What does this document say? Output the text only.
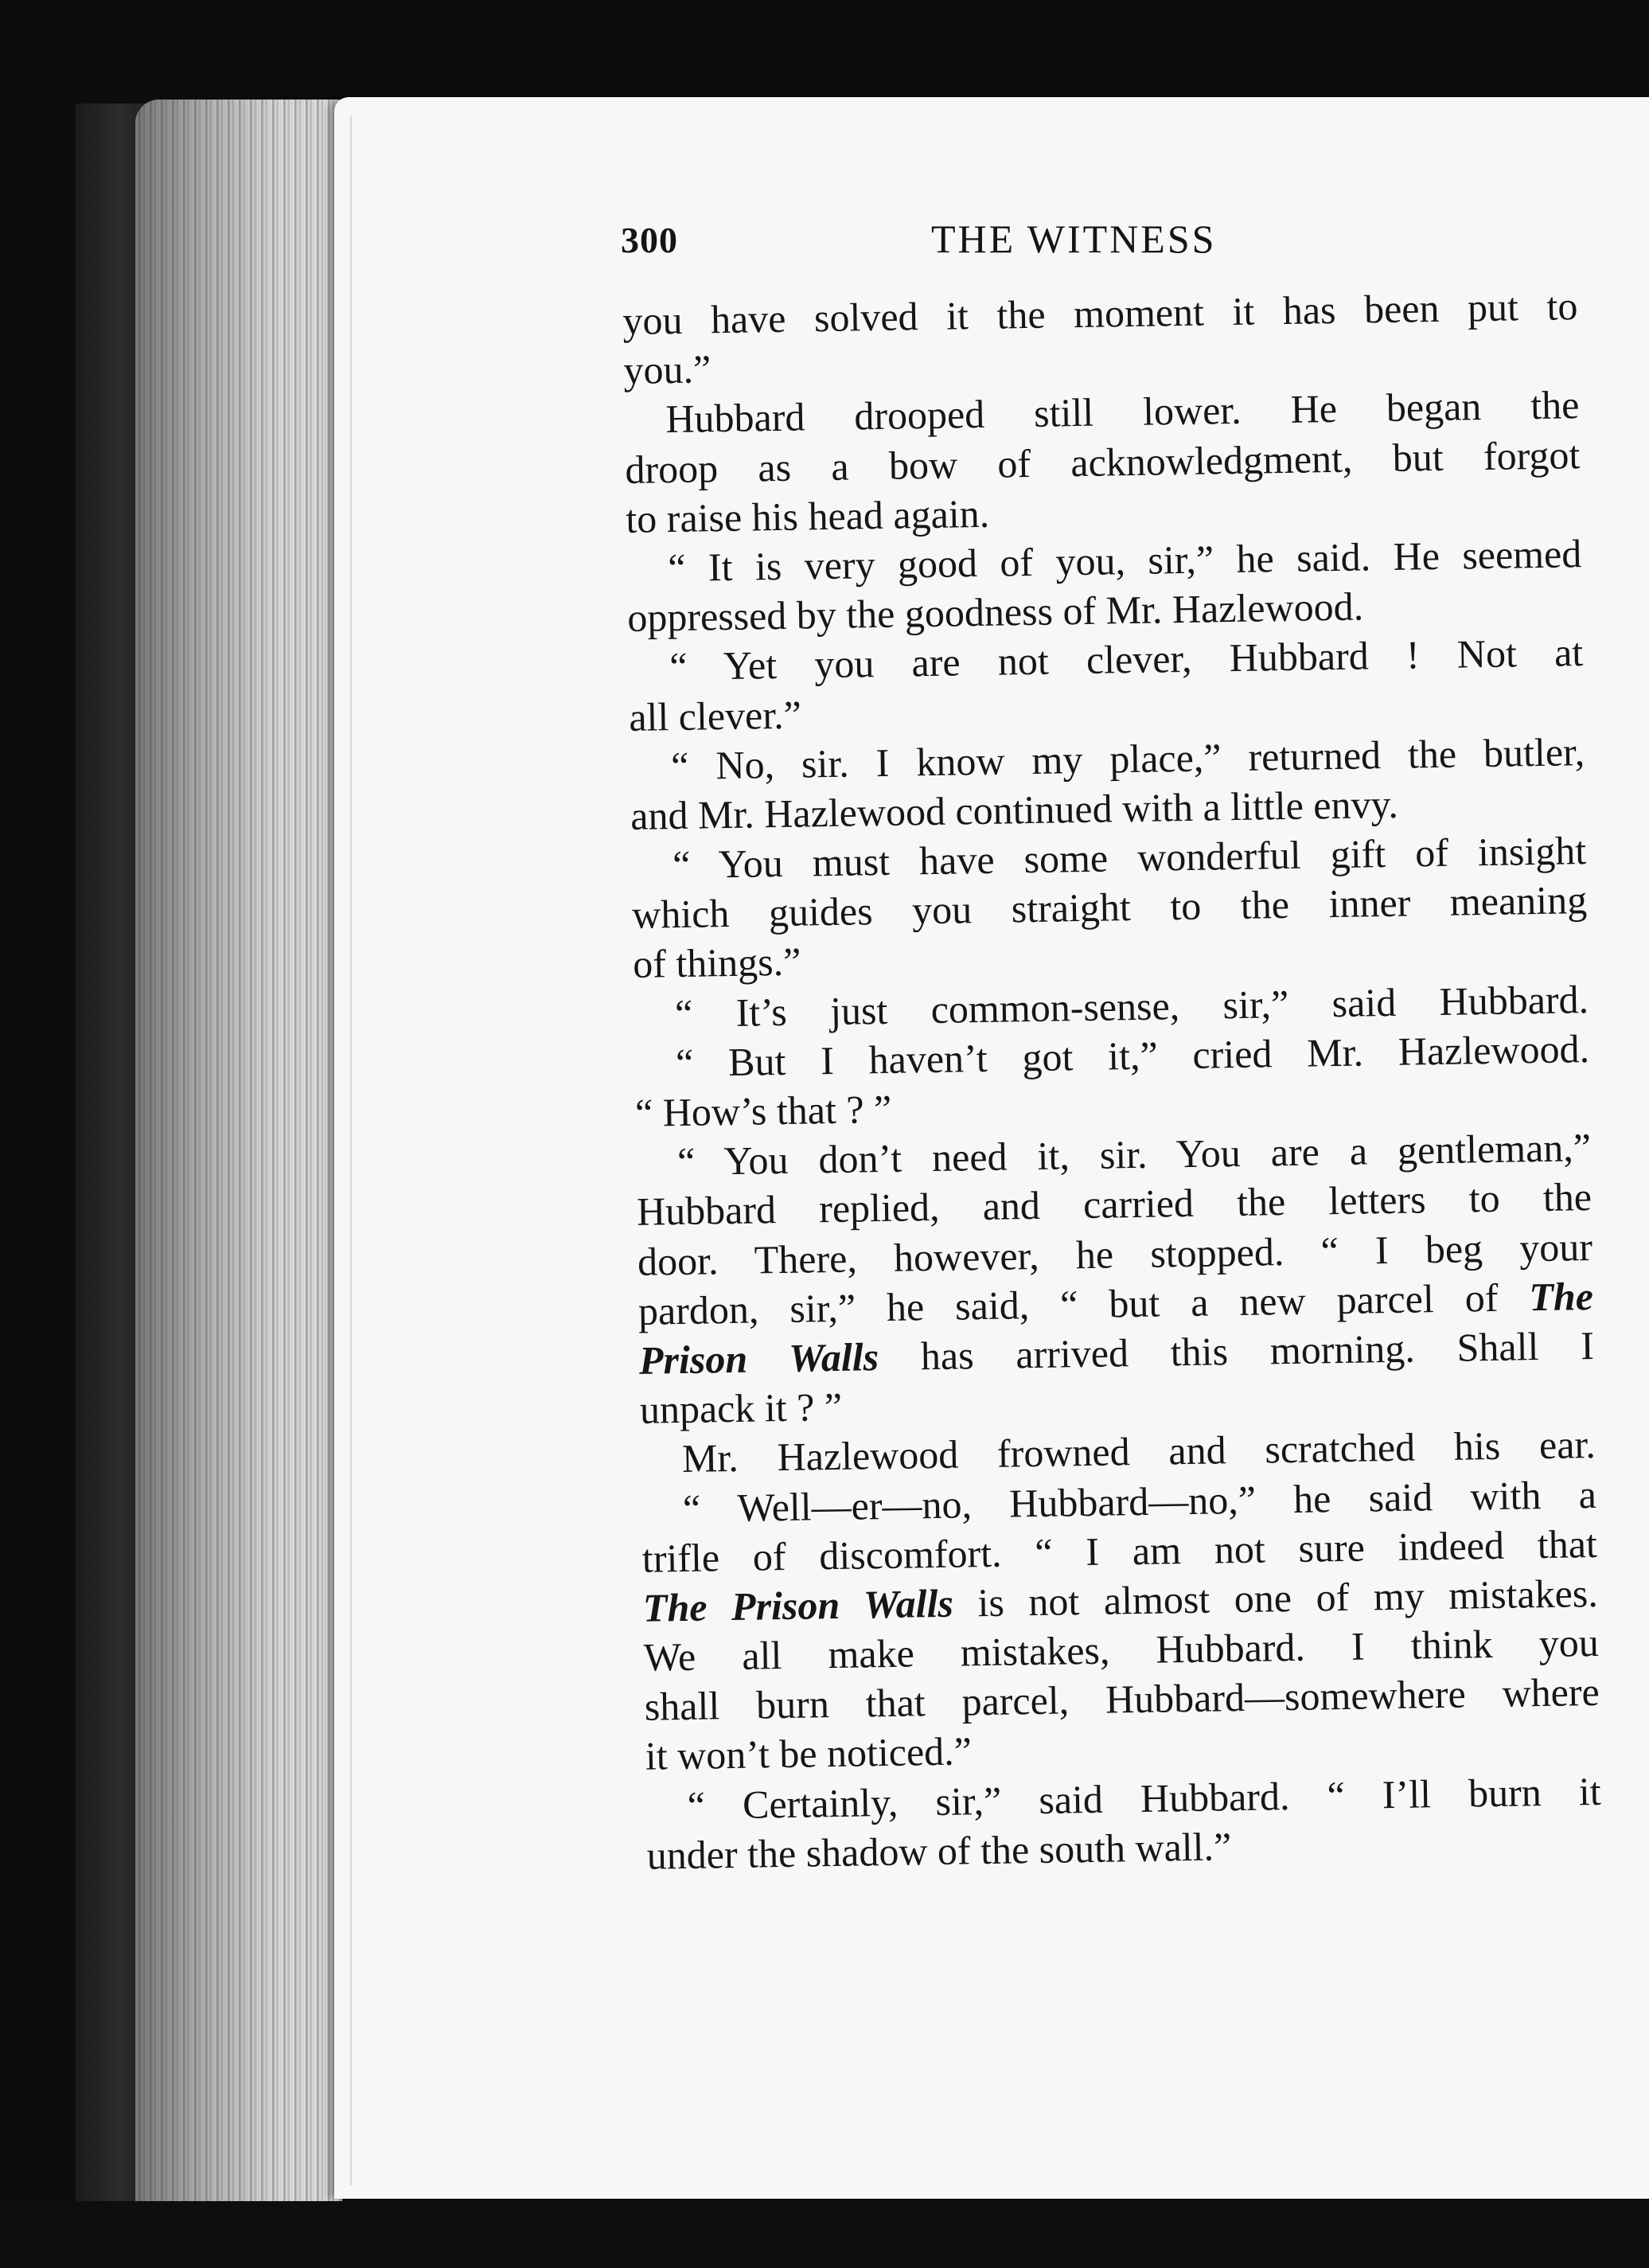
300	THE WITNESS
you have solved it the moment it has been put to
you.”
Hubbard drooped still lower. He began the
droop as a bow of acknowledgment, but forgot
to raise his head again.
“ It is very good of you, sir,” he said. He seemed
oppressed by the goodness of Mr. Hazlewood.
“ Yet you are not clever, Hubbard ! Not at
all clever.”
“ No, sir. I know my place,” returned the butler,
and Mr. Hazlewood continued with a little envy.
“ You must have some wonderful gift of insight
which guides you straight to the inner meaning
of things.”
“ It’s just common-sense, sir,” said Hubbard.
“ But I haven’t got it,” cried Mr. Hazlewood.
“ How’s that ? ”
“ You don’t need it, sir. You are a gentleman,”
Hubbard replied, and carried the letters to the
door. There, however, he stopped. “ I beg your
pardon, sir,” he said, “ but a new parcel of The
Prison Walls has arrived this morning. Shall I
unpack it ? ”
Mr. Hazlewood frowned and scratched his ear.
“ Well—er—no, Hubbard—no,” he said with a
trifle of discomfort. “ I am not sure indeed that
The Prison Walls is not almost one of my mistakes.
We all make mistakes, Hubbard. I think you
shall burn that parcel, Hubbard—somewhere where
it won’t be noticed.”
“ Certainly, sir,” said Hubbard. “ I’ll burn it
under the shadow of the south wall.”
